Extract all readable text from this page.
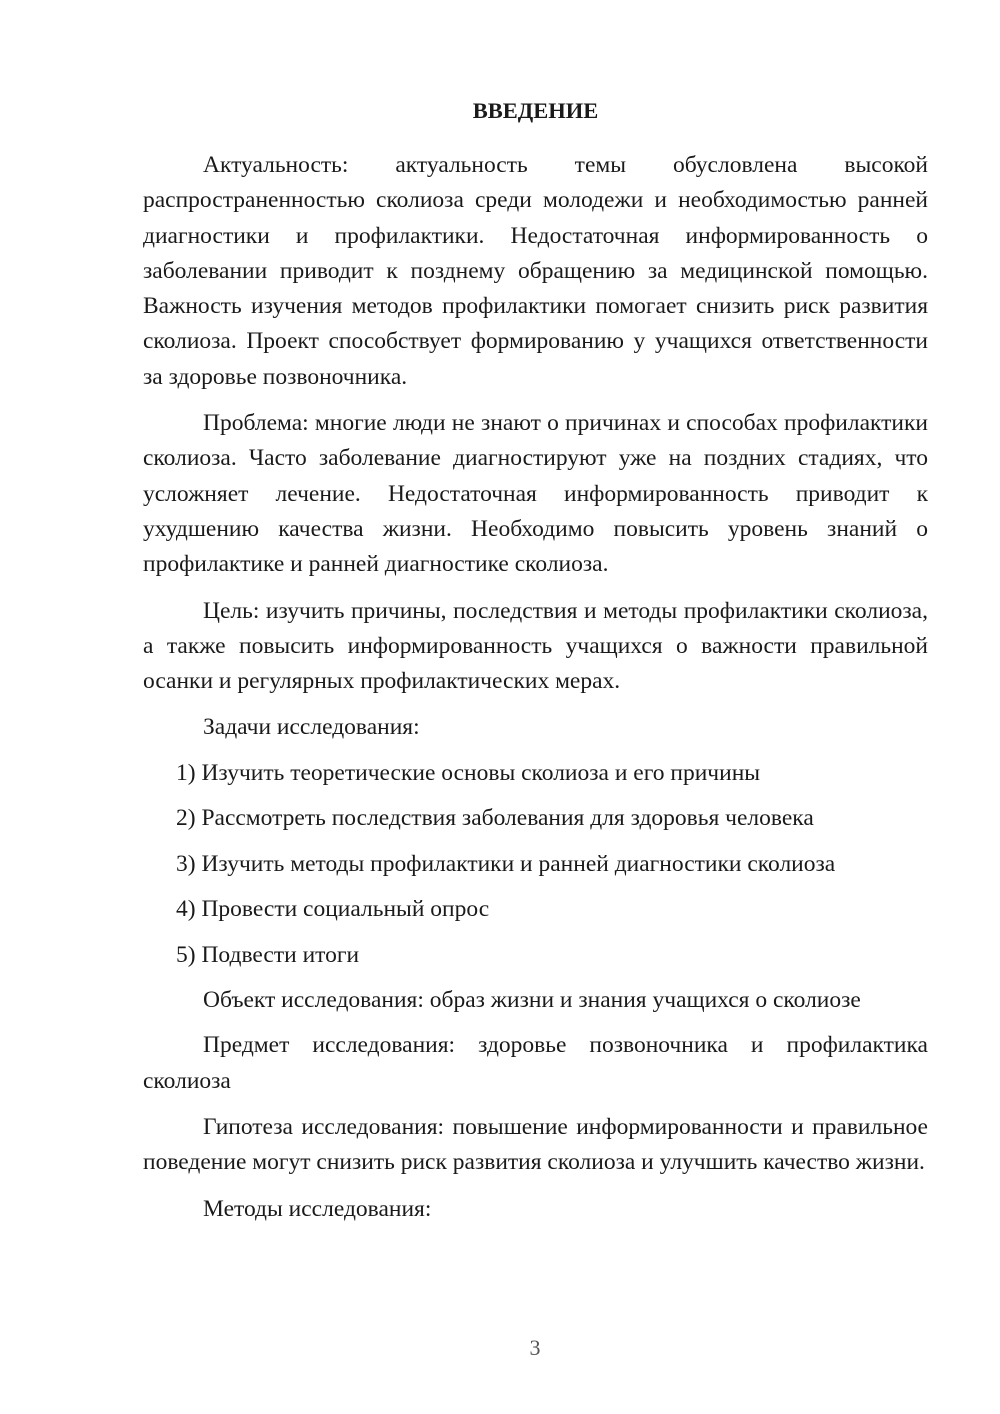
ВВЕДЕНИЕ

Актуальность: актуальность темы обусловлена высокой распространенностью сколиоза среди молодежи и необходимостью ранней диагностики и профилактики. Недостаточная информированность о заболевании приводит к позднему обращению за медицинской помощью. Важность изучения методов профилактики помогает снизить риск развития сколиоза. Проект способствует формированию у учащихся ответственности за здоровье позвоночника.

Проблема: многие люди не знают о причинах и способах профилактики сколиоза. Часто заболевание диагностируют уже на поздних стадиях, что усложняет лечение. Недостаточная информированность приводит к ухудшению качества жизни. Необходимо повысить уровень знаний о профилактике и ранней диагностике сколиоза.

Цель: изучить причины, последствия и методы профилактики сколиоза, а также повысить информированность учащихся о важности правильной осанки и регулярных профилактических мерах.

Задачи исследования:

1) Изучить теоретические основы сколиоза и его причины
2) Рассмотреть последствия заболевания для здоровья человека
3) Изучить методы профилактики и ранней диагностики сколиоза
4) Провести социальный опрос
5) Подвести итоги

Объект исследования: образ жизни и знания учащихся о сколиозе

Предмет исследования: здоровье позвоночника и профилактика сколиоза

Гипотеза исследования: повышение информированности и правильное поведение могут снизить риск развития сколиоза и улучшить качество жизни.

Методы исследования:

3
